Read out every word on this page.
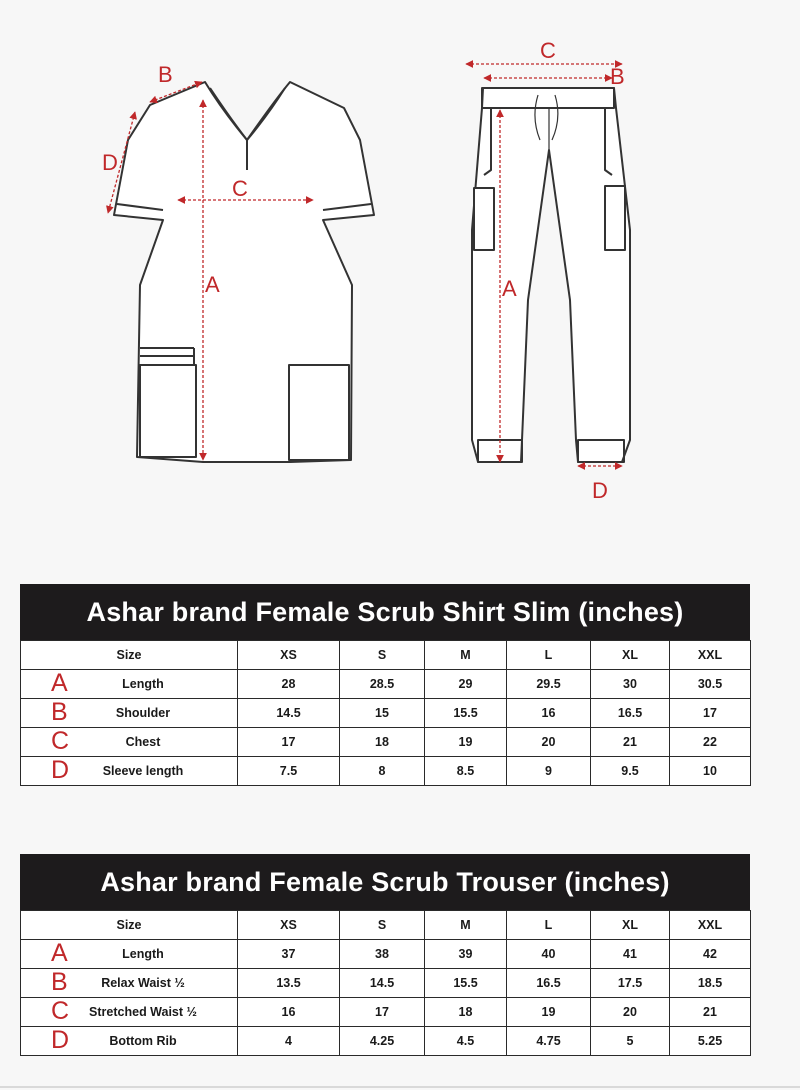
A
B
C
D
A
B
C
D
Ashar brand Female Scrub Shirt Slim (inches)
Size	XS	S	M	L	XL	XXL

A Length	28	28.5	29	29.5	30	30.5

B Shoulder	14.5	15	15.5	16	16.5	17

C Chest	17	18	19	20	21	22

D Sleeve length	7.5	8	8.5	9	9.5	10
Ashar brand Female Scrub Trouser (inches)
Size	XS	S	M	L	XL	XXL

A Length	37	38	39	40	41	42

B Relax Waist ½	13.5	14.5	15.5	16.5	17.5	18.5

C Stretched Waist ½	16	17	18	19	20	21

D Bottom Rib	4	4.25	4.5	4.75	5	5.25
